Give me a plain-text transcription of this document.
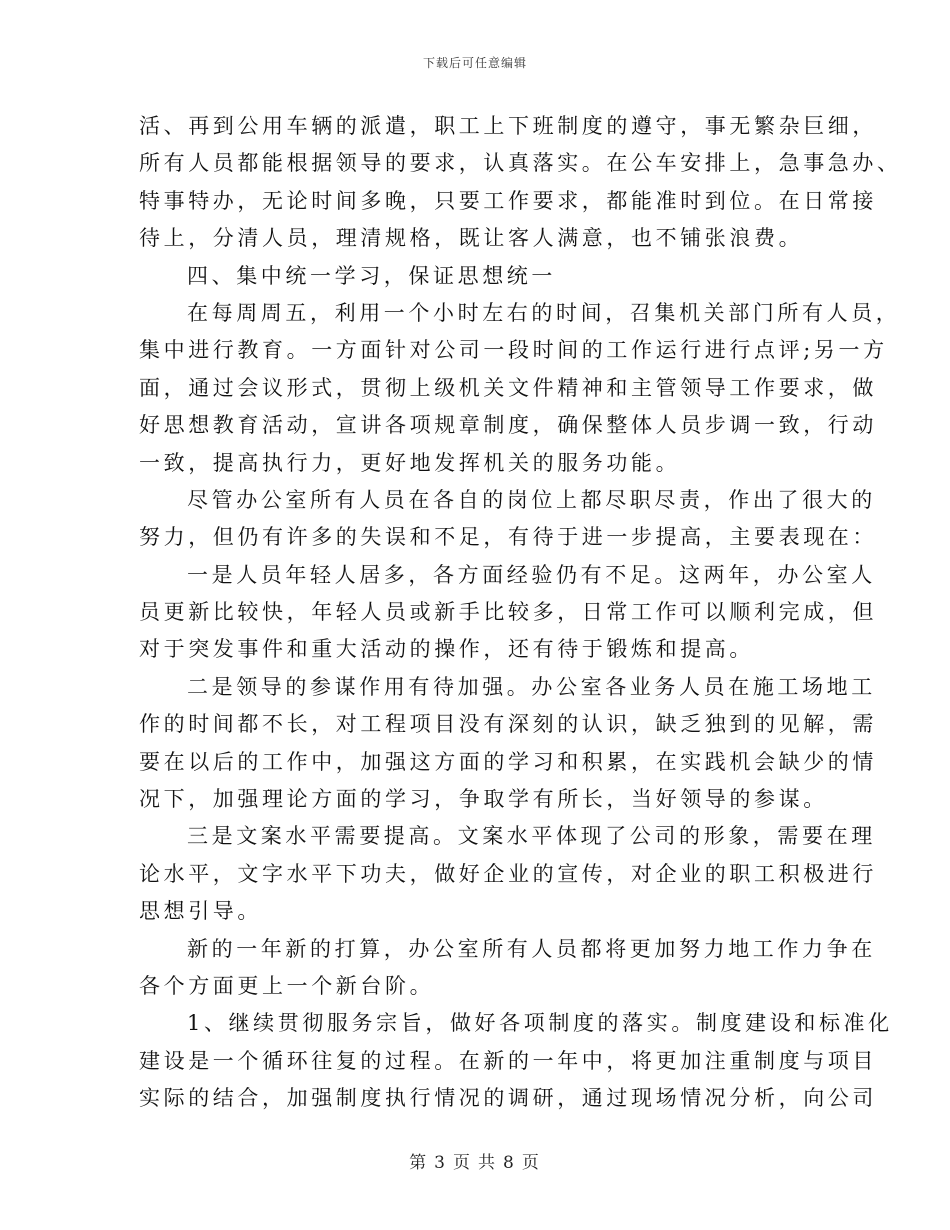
下载后可任意编辑
活、再到公用车辆的派遣，职工上下班制度的遵守，事无繁杂巨细，
所有人员都能根据领导的要求，认真落实。在公车安排上，急事急办、
特事特办，无论时间多晚，只要工作要求，都能准时到位。在日常接
待上，分清人员，理清规格，既让客人满意，也不铺张浪费。
四、集中统一学习，保证思想统一
在每周周五，利用一个小时左右的时间，召集机关部门所有人员，
集中进行教育。一方面针对公司一段时间的工作运行进行点评;另一方
面，通过会议形式，贯彻上级机关文件精神和主管领导工作要求，做
好思想教育活动，宣讲各项规章制度，确保整体人员步调一致，行动
一致，提高执行力，更好地发挥机关的服务功能。
尽管办公室所有人员在各自的岗位上都尽职尽责，作出了很大的
努力，但仍有许多的失误和不足，有待于进一步提高，主要表现在：
一是人员年轻人居多，各方面经验仍有不足。这两年，办公室人
员更新比较快，年轻人员或新手比较多，日常工作可以顺利完成，但
对于突发事件和重大活动的操作，还有待于锻炼和提高。
二是领导的参谋作用有待加强。办公室各业务人员在施工场地工
作的时间都不长，对工程项目没有深刻的认识，缺乏独到的见解，需
要在以后的工作中，加强这方面的学习和积累，在实践机会缺少的情
况下，加强理论方面的学习，争取学有所长，当好领导的参谋。
三是文案水平需要提高。文案水平体现了公司的形象，需要在理
论水平，文字水平下功夫，做好企业的宣传，对企业的职工积极进行
思想引导。
新的一年新的打算，办公室所有人员都将更加努力地工作力争在
各个方面更上一个新台阶。
1、继续贯彻服务宗旨，做好各项制度的落实。制度建设和标准化
建设是一个循环往复的过程。在新的一年中，将更加注重制度与项目
实际的结合，加强制度执行情况的调研，通过现场情况分析，向公司
第 3 页 共 8 页
